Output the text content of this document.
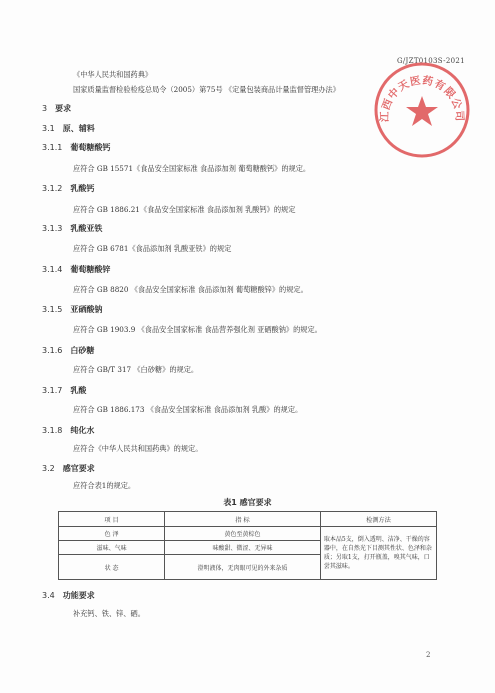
G/JZT0103S-2021
《中华人民共和国药典》
国家质量监督检验检疫总局令（2005）第75号 《定量包装商品计量监督管理办法》
3 要求
3.1 原、辅料
3.1.1 葡萄糖酸钙
应符合 GB 15571《食品安全国家标准 食品添加剂 葡萄糖酸钙》的规定。
3.1.2 乳酸钙
应符合 GB 1886.21《食品安全国家标准 食品添加剂 乳酸钙》的规定
3.1.3 乳酸亚铁
应符合 GB 6781《食品添加剂 乳酸亚铁》的规定
3.1.4 葡萄糖酸锌
应符合 GB 8820 《食品安全国家标准 食品添加剂 葡萄糖酸锌》的规定。
3.1.5 亚硒酸钠
应符合 GB 1903.9 《食品安全国家标准 食品营养强化剂 亚硒酸钠》的规定。
3.1.6 白砂糖
应符合 GB/T 317 《白砂糖》的规定。
3.1.7 乳酸
应符合 GB 1886.173 《食品安全国家标准 食品添加剂 乳酸》的规定。
3.1.8 纯化水
应符合《中华人民共和国药典》的规定。
3.2 感官要求
应符合表1的规定。
表1 感官要求
项 目	指 标	检测方法
色 泽	黄色至黄棕色	取本品5支，倒入透明、洁净、干燥的容器中，在自然光下目测其性状、色泽和杂质；另取1支，打开瓶盖，嗅其气味，口尝其滋味。
滋味、气味	味酸甜、微涩、无异味	
状 态	澄明液体，无肉眼可见的外来杂质	
3.4 功能要求
补充钙、铁、锌、硒。
2
江西中天医药有限公司
